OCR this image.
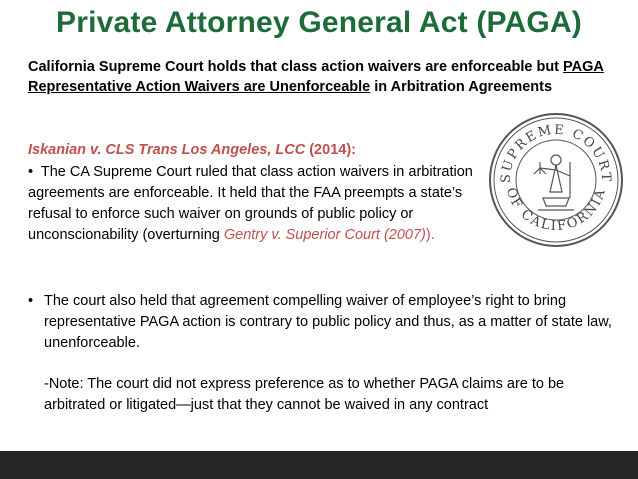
Private Attorney General Act (PAGA)
California Supreme Court holds that class action waivers are enforceable but PAGA Representative Action Waivers are Unenforceable in Arbitration Agreements
Iskanian v. CLS Trans Los Angeles, LCC (2014):
• The CA Supreme Court ruled that class action waivers in arbitration agreements are enforceable. It held that the FAA preempts a state’s refusal to enforce such waiver on grounds of public policy or unconscionability (overturning Gentry v. Superior Court (2007)).
• The court also held that agreement compelling waiver of employee’s right to bring representative PAGA action is contrary to public policy and thus, as a matter of state law, unenforceable.
-Note: The court did not express preference as to whether PAGA claims are to be arbitrated or litigated—just that they cannot be waived in any contract
SUPREME COURT
OF CALIFORNIA
